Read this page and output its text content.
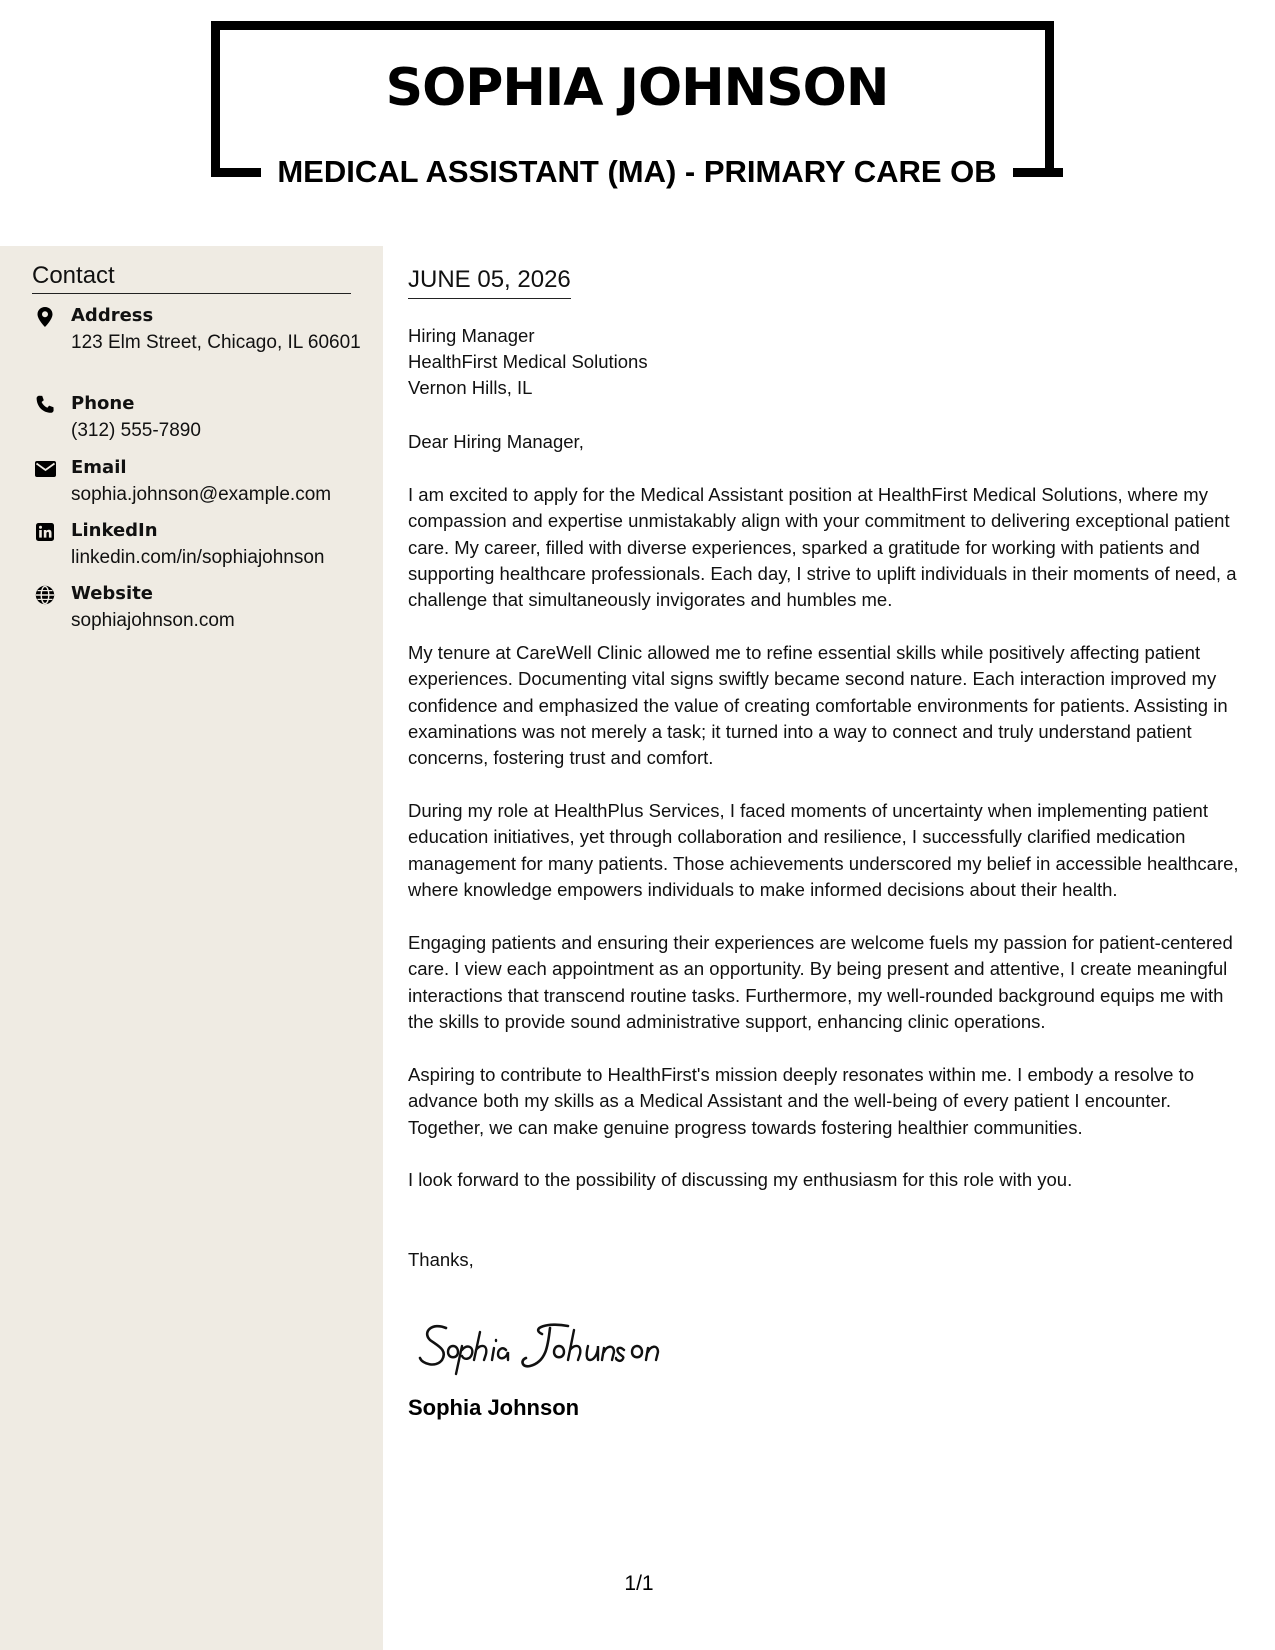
SOPHIA JOHNSON
MEDICAL ASSISTANT (MA) - PRIMARY CARE OB
Contact
Address
123 Elm Street, Chicago, IL 60601
Phone
(312) 555-7890
Email
sophia.johnson@example.com
LinkedIn
linkedin.com/in/sophiajohnson
Website
sophiajohnson.com
JUNE 05, 2026
Hiring Manager
HealthFirst Medical Solutions
Vernon Hills, IL
Dear Hiring Manager,
I am excited to apply for the Medical Assistant position at HealthFirst Medical Solutions, where my compassion and expertise unmistakably align with your commitment to delivering exceptional patient care. My career, filled with diverse experiences, sparked a gratitude for working with patients and supporting healthcare professionals. Each day, I strive to uplift individuals in their moments of need, a challenge that simultaneously invigorates and humbles me.
My tenure at CareWell Clinic allowed me to refine essential skills while positively affecting patient experiences. Documenting vital signs swiftly became second nature. Each interaction improved my confidence and emphasized the value of creating comfortable environments for patients. Assisting in examinations was not merely a task; it turned into a way to connect and truly understand patient concerns, fostering trust and comfort.
During my role at HealthPlus Services, I faced moments of uncertainty when implementing patient education initiatives, yet through collaboration and resilience, I successfully clarified medication management for many patients. Those achievements underscored my belief in accessible healthcare, where knowledge empowers individuals to make informed decisions about their health.
Engaging patients and ensuring their experiences are welcome fuels my passion for patient-centered care. I view each appointment as an opportunity. By being present and attentive, I create meaningful interactions that transcend routine tasks. Furthermore, my well-rounded background equips me with the skills to provide sound administrative support, enhancing clinic operations.
Aspiring to contribute to HealthFirst's mission deeply resonates within me. I embody a resolve to advance both my skills as a Medical Assistant and the well-being of every patient I encounter. Together, we can make genuine progress towards fostering healthier communities.
I look forward to the possibility of discussing my enthusiasm for this role with you.
Thanks,
Sophia Johnson
1/1
